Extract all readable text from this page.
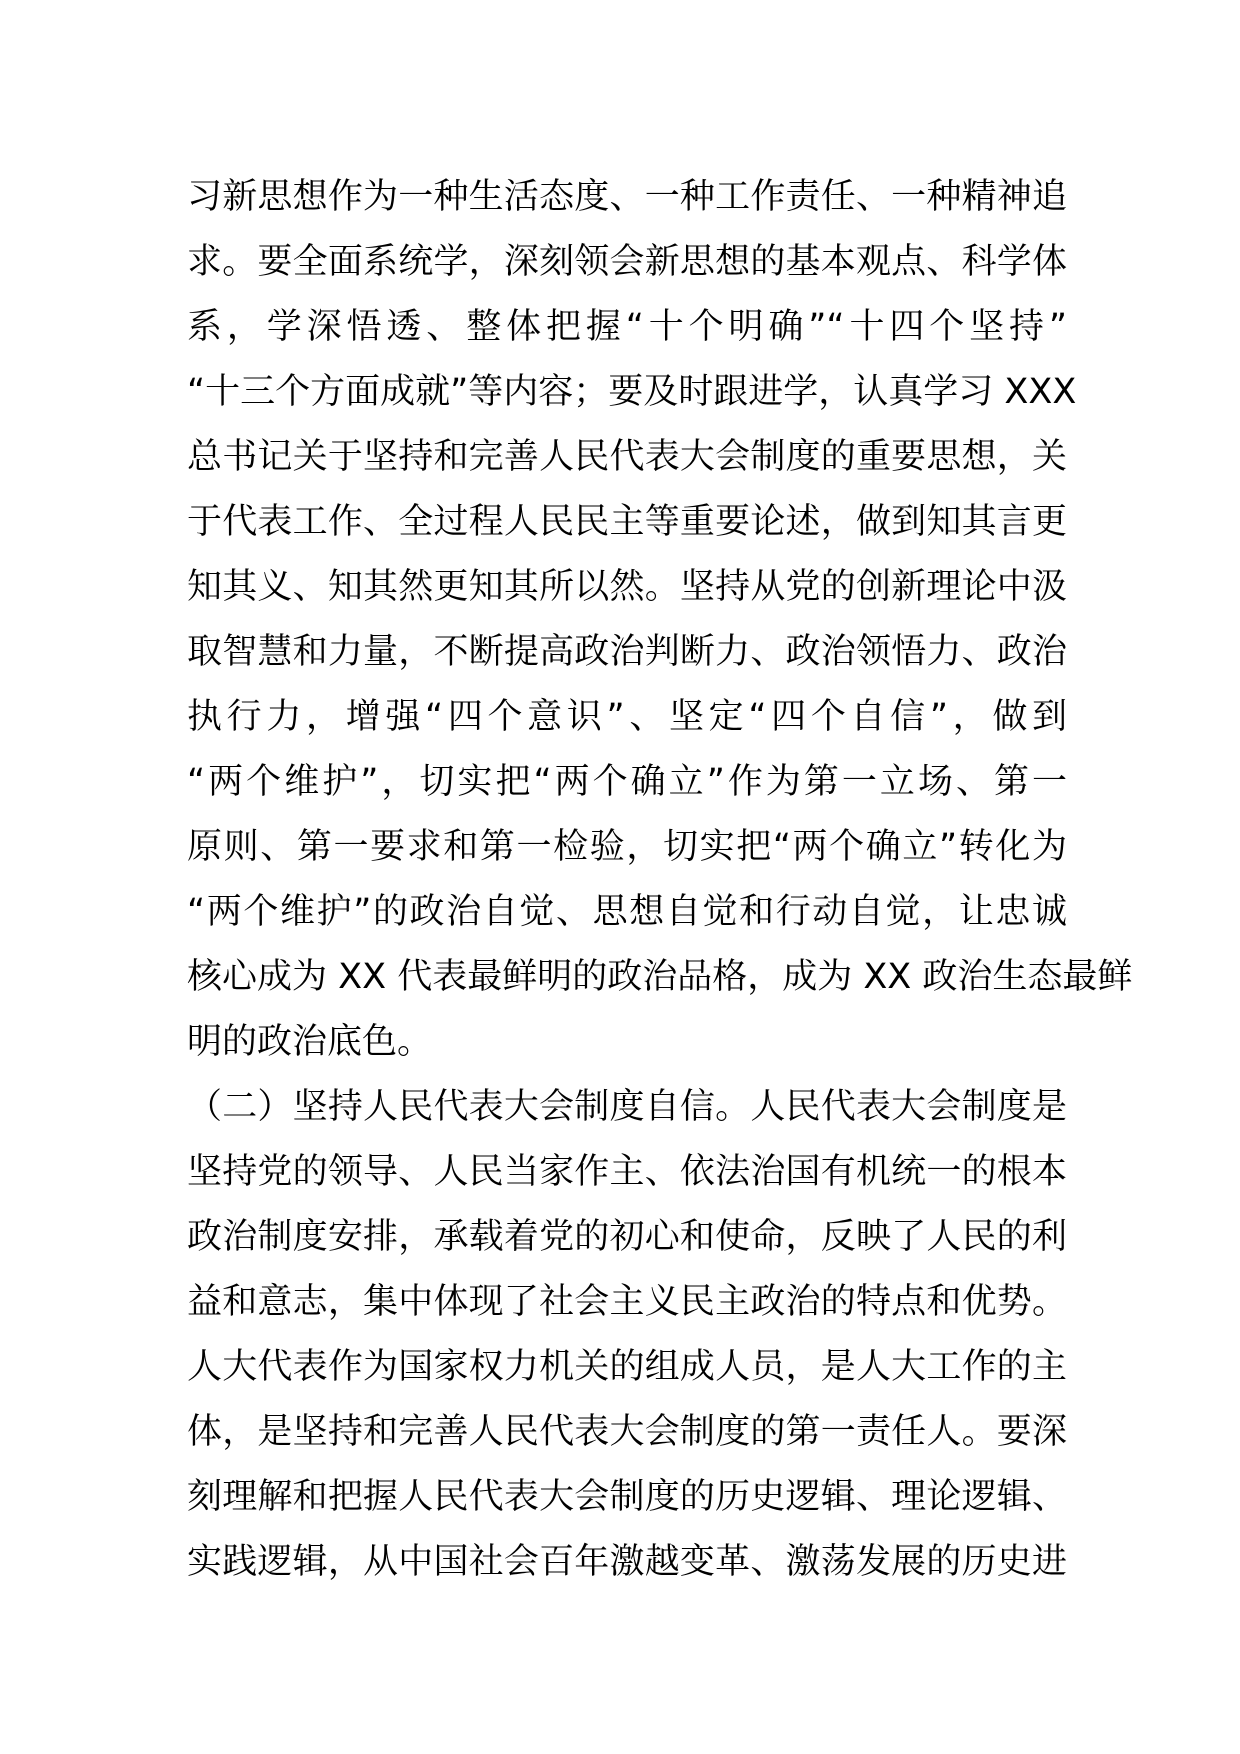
习新思想作为一种生活态度、一种工作责任、一种精神追
求。要全面系统学，深刻领会新思想的基本观点、科学体
系，学深悟透、整体把握“十个明确”“十四个坚持”
“十三个方面成就”等内容；要及时跟进学，认真学习 XXX
总书记关于坚持和完善人民代表大会制度的重要思想，关
于代表工作、全过程人民民主等重要论述，做到知其言更
知其义、知其然更知其所以然。坚持从党的创新理论中汲
取智慧和力量，不断提高政治判断力、政治领悟力、政治
执行力，增强“四个意识”、坚定“四个自信”，做到
“两个维护”，切实把“两个确立”作为第一立场、第一
原则、第一要求和第一检验，切实把“两个确立”转化为
“两个维护”的政治自觉、思想自觉和行动自觉，让忠诚
核心成为 XX 代表最鲜明的政治品格，成为 XX 政治生态最鲜
明的政治底色。
（二）坚持人民代表大会制度自信。人民代表大会制度是
坚持党的领导、人民当家作主、依法治国有机统一的根本
政治制度安排，承载着党的初心和使命，反映了人民的利
益和意志，集中体现了社会主义民主政治的特点和优势。
人大代表作为国家权力机关的组成人员，是人大工作的主
体，是坚持和完善人民代表大会制度的第一责任人。要深
刻理解和把握人民代表大会制度的历史逻辑、理论逻辑、
实践逻辑，从中国社会百年激越变革、激荡发展的历史进
